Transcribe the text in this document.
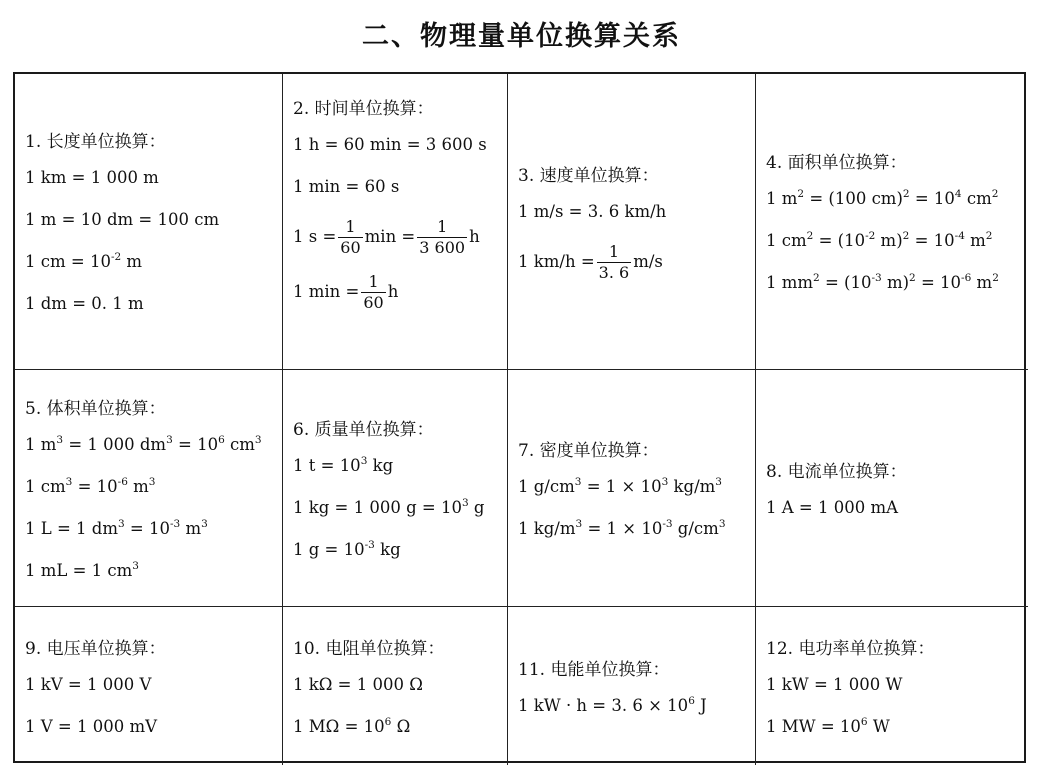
二、物理量单位换算关系
1. 长度单位换算：
1 km = 1 000 m
1 m = 10 dm = 100 cm
1 cm = $10^{-2}$ m
1 dm = 0. 1 m
2. 时间单位换算：
1 h = 60 min = 3 600 s
1 min = 60 s
1 $s = \frac{1}{60}$ $\min = \frac{1}{3 600}$ h
1 $\min = \frac{1}{60}$ h
3. 速度单位换算：
1 m/s = 3. 6 km/h
1 $km/h = \frac{1}{3. 6} m/s$
4. 面积单位换算：
1 $m^2 = (100$ $cm)^2 = 10^4$ $cm^2$
1 $cm^2 = (10^{-2}$ $m)^2 = 10^{-4}$ $m^2$
1 $mm^2 = (10^{-3}$ $m)^2 = 10^{-6}$ $m^2$
5. 体积单位换算：
1 $m^3 = 1$ 000 $dm^3 = 10^6$ $cm^3$
1 $cm^3 = 10^{-6}$ $m^3$
1 L = 1 $dm^3 = 10^{-3}$ $m^3$
1 mL = 1 $cm^3$
6. 质量单位换算：
1 $t = 10^3$ kg
1 kg = 1 000 $g = 10^3$ g
1 $g = 10^{-3}$ kg
7. 密度单位换算：
1 $g/cm^3 = 1 \times 10^3$ $kg/m^3$
1 $kg/m^3 = 1 \times 10^{-3}$ $g/cm^3$
8. 电流单位换算：
1 A = 1 000 mA
9. 电压单位换算：
1 kV = 1 000 V
1 V = 1 000 mV
10. 电阻单位换算：
1 kΩ = 1 000 Ω
1 $M\Omega = 10^6$ Ω
11. 电能单位换算：
1 kW · h = 3. $6 \times 10^6$ J
12. 电功率单位换算：
1 kW = 1 000 W
1 MW = $10^6$ W
